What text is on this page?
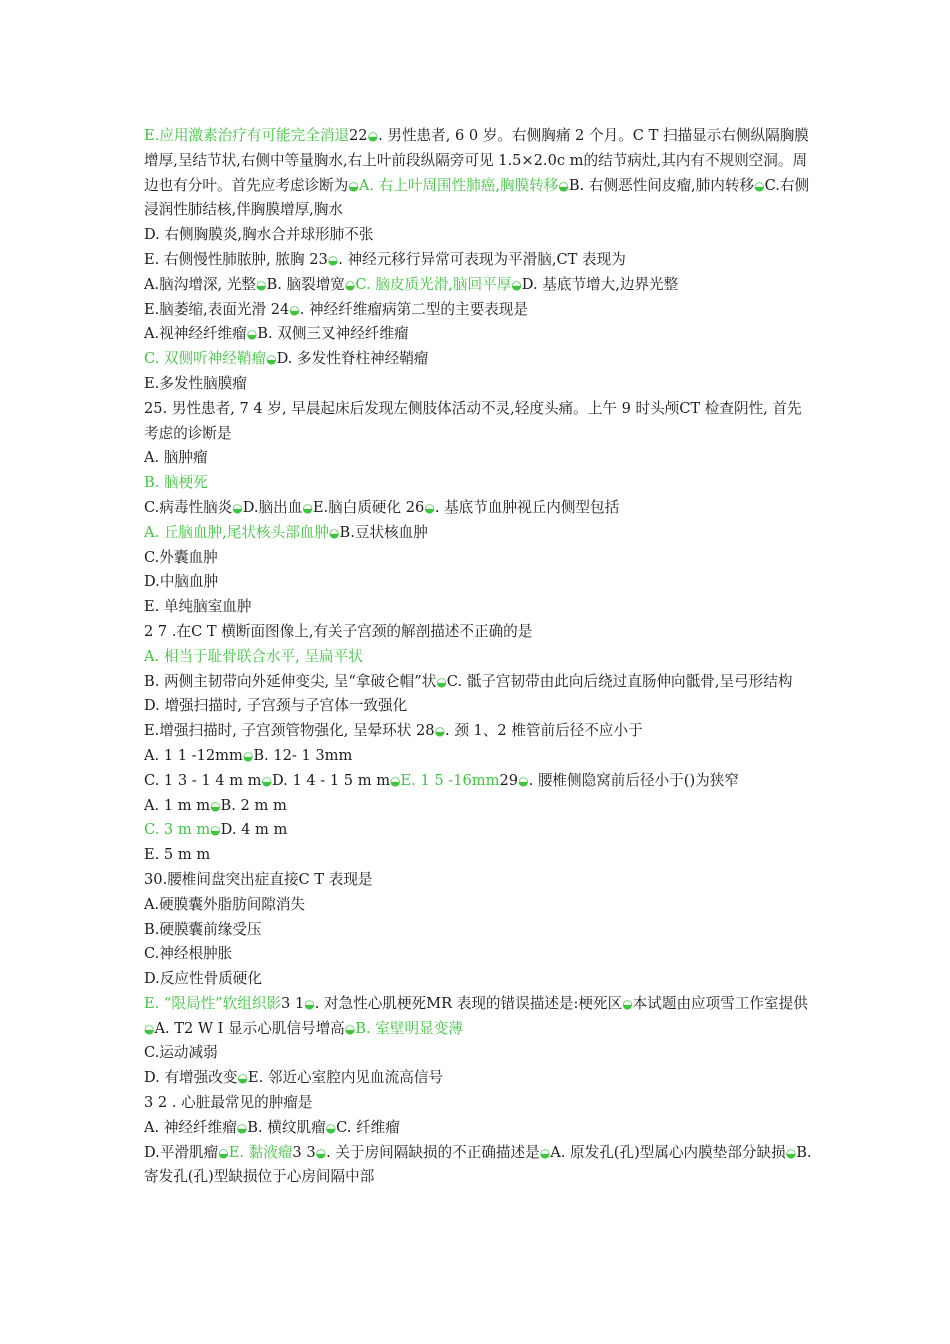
E.应用激素治疗有可能完全消退22◒. 男性患者, 6 0 岁。右侧胸痛 2 个月。C T 扫描显示右侧纵隔胸膜增厚,呈结节状,右侧中等量胸水,右上叶前段纵隔旁可见 1.5×2.0c m的结节病灶,其内有不规则空洞。周边也有分叶。首先应考虑诊断为◒A. 右上叶周围性肺癌,胸膜转移◒B. 右侧恶性间皮瘤,肺内转移◒C.右侧浸润性肺结核,伴胸膜增厚,胸水

D. 右侧胸膜炎,胸水合并球形肺不张

E. 右侧慢性肺脓肿, 脓胸 23◒. 神经元移行异常可表现为平滑脑,CT 表现为

A.脑沟增深, 光整◒B. 脑裂增宽◒C. 脑皮质光滑,脑回平厚◒D. 基底节增大,边界光整

E.脑萎缩,表面光滑 24◒. 神经纤维瘤病第二型的主要表现是

A.视神经纤维瘤◒B. 双侧三叉神经纤维瘤

C. 双侧听神经鞘瘤◒D. 多发性脊柱神经鞘瘤

E.多发性脑膜瘤

25. 男性患者, 7 4 岁, 早晨起床后发现左侧肢体活动不灵,轻度头痛。上午 9 时头颅CT 检查阴性, 首先考虑的诊断是

A. 脑肿瘤

B. 脑梗死

C.病毒性脑炎◒D.脑出血◒E.脑白质硬化 26◒. 基底节血肿视丘内侧型包括

A. 丘脑血肿,尾状核头部血肿◒B.豆状核血肿

C.外囊血肿

D.中脑血肿

E. 单纯脑室血肿

2 7 .在C T 横断面图像上,有关子宫颈的解剖描述不正确的是

A. 相当于耻骨联合水平, 呈扁平状

B. 两侧主韧带向外延伸变尖, 呈“拿破仑帽”状◒C. 骶子宫韧带由此向后绕过直肠伸向骶骨,呈弓形结构

D. 增强扫描时, 子宫颈与子宫体一致强化

E.增强扫描时, 子宫颈管物强化, 呈晕环状 28◒. 颈 1、2 椎管前后径不应小于

A. 1 1 -12mm◒B. 12- 1 3mm

C. 1 3 - 1 4 m m◒D. 1 4 - 1 5 m m◒E. 1 5 -16mm29◒. 腰椎侧隐窝前后径小于()为狭窄

A. 1 m m◒B. 2 m m

C. 3 m m◒D. 4 m m

E. 5 m m

30.腰椎间盘突出症直接C T 表现是

A.硬膜囊外脂肪间隙消失

B.硬膜囊前缘受压

C.神经根肿胀

D.反应性骨质硬化

E. “限局性”软组织影3 1◒. 对急性心肌梗死MR 表现的错误描述是:梗死区◒本试题由应项雪工作室提供◒A. T2 W I 显示心肌信号增高◒B. 室壁明显变薄

C.运动减弱

D. 有增强改变◒E. 邻近心室腔内见血流高信号

3 2 . 心脏最常见的肿瘤是

A. 神经纤维瘤◒B. 横纹肌瘤◒C. 纤维瘤

D.平滑肌瘤◒E. 黏液瘤3 3◒. 关于房间隔缺损的不正确描述是◒A. 原发孔(孔)型属心内膜垫部分缺损◒B. 寄发孔(孔)型缺损位于心房间隔中部
